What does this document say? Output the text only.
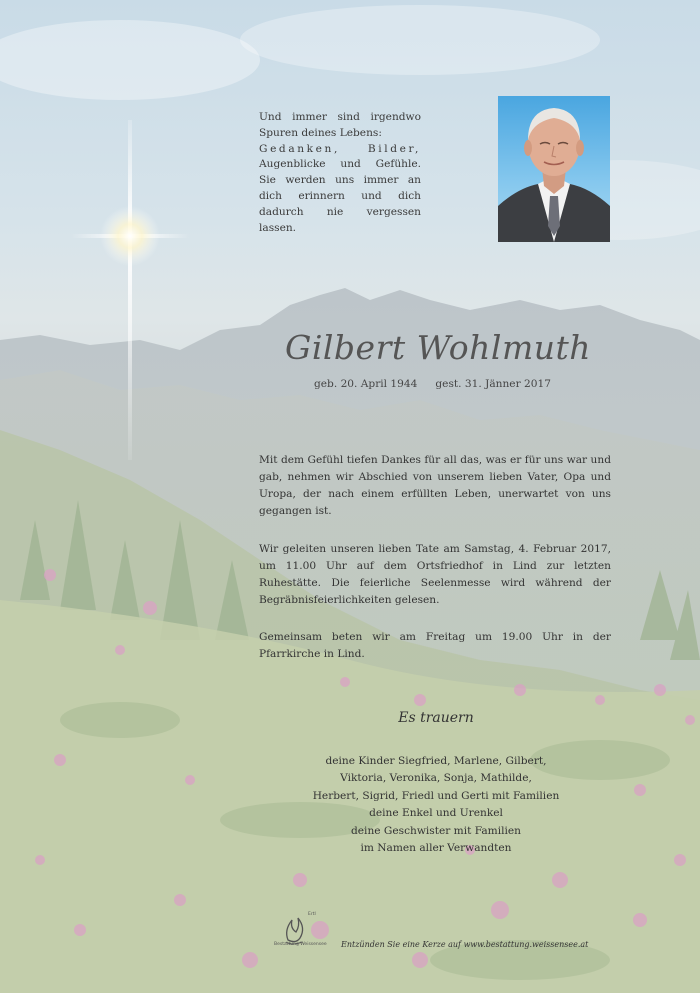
Und immer sind irgendwo
Spuren deines Lebens:
Gedanken, Bilder,
Augenblicke und Gefühle.
Sie werden uns immer an
dich erinnern und dich
dadurch nie vergessen lassen.
Gilbert Wohlmuth
geb. 20. April 1944 gest. 31. Jänner 2017
Mit dem Gefühl tiefen Dankes für all das, was er für uns war und gab, nehmen wir Abschied von unserem lieben Vater, Opa und Uropa, der nach einem erfüllten Leben, unerwartet von uns gegangen ist.
Wir geleiten unseren lieben Tate am Samstag, 4. Februar 2017, um 11.00 Uhr auf dem Ortsfriedhof in Lind zur letzten Ruhestätte. Die feierliche Seelenmesse wird während der Begräbnisfeierlichkeiten gelesen.
Gemeinsam beten wir am Freitag um 19.00 Uhr in der Pfarrkirche in Lind.
Es trauern
deine Kinder Siegfried, Marlene, Gilbert,
Viktoria, Veronika, Sonja, Mathilde,
Herbert, Sigrid, Friedl und Gerti mit Familien
deine Enkel und Urenkel
deine Geschwister mit Familien
im Namen aller Verwandten
Ertl
Bestattung Weissensee Entzünden Sie eine Kerze auf www.bestattung.weissensee.at
